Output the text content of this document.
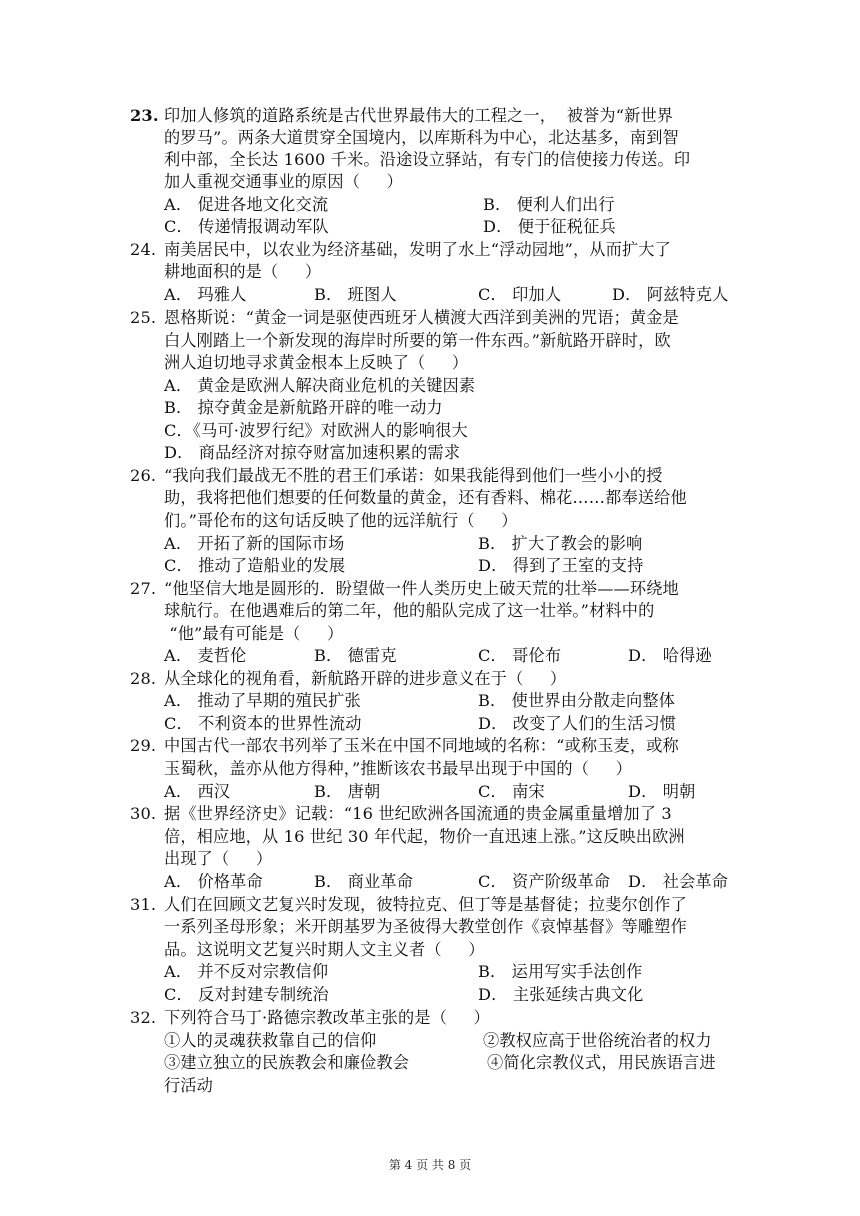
23. 印加人修筑的道路系统是古代世界最伟大的工程之一，  被誉为“新世界
的罗马”。两条大道贯穿全国境内，以库斯科为中心，北达基多，南到智
利中部，全长达 1600 千米。沿途设立驿站，有专门的信使接力传送。印
加人重视交通事业的原因（     ）
A． 促进各地文化交流	B． 便利人们出行
C． 传递情报调动军队	D． 便于征税征兵
24. 南美居民中，以农业为经济基础，发明了水上“浮动园地”，从而扩大了
耕地面积的是（     ）
A． 玛雅人	B． 班图人	C． 印加人	D． 阿兹特克人
25. 恩格斯说：“黄金一词是驱使西班牙人横渡大西洋到美洲的咒语；黄金是
白人刚踏上一个新发现的海岸时所要的第一件东西。”新航路开辟时，欧
洲人迫切地寻求黄金根本上反映了（     ）
A． 黄金是欧洲人解决商业危机的关键因素
B． 掠夺黄金是新航路开辟的唯一动力
C．《马可·波罗行纪》对欧洲人的影响很大
D． 商品经济对掠夺财富加速积累的需求
26. “我向我们最战无不胜的君王们承诺：如果我能得到他们一些小小的授
助，我将把他们想要的任何数量的黄金，还有香料、棉花……都奉送给他
们。”哥伦布的这句话反映了他的远洋航行（     ）
A． 开拓了新的国际市场	B． 扩大了教会的影响
C． 推动了造船业的发展	D． 得到了王室的支持
27. “他坚信大地是圆形的．盼望做一件人类历史上破天荒的壮举——环绕地
球航行。在他遇难后的第二年，他的船队完成了这一壮举。”材料中的
“他”最有可能是（     ）
A． 麦哲伦	B． 德雷克	C． 哥伦布	D． 哈得逊
28. 从全球化的视角看，新航路开辟的进步意义在于（     ）
A． 推动了早期的殖民扩张	B． 使世界由分散走向整体
C． 不利资本的世界性流动	D． 改变了人们的生活习惯
29. 中国古代一部农书列举了玉米在中国不同地域的名称：“或称玉麦，或称
玉蜀秋，盖亦从他方得种，”推断该农书最早出现于中国的（     ）
A． 西汉	B． 唐朝	C． 南宋	D． 明朝
30. 据《世界经济史》记载：“16 世纪欧洲各国流通的贵金属重量增加了 3
倍，相应地，从 16 世纪 30 年代起，物价一直迅速上涨。”这反映出欧洲
出现了（     ）
A． 价格革命	B． 商业革命	C． 资产阶级革命 D． 社会革命
31. 人们在回顾文艺复兴时发现，彼特拉克、但丁等是基督徒；拉斐尔创作了
一系列圣母形象；米开朗基罗为圣彼得大教堂创作《哀悼基督》等雕塑作
品。这说明文艺复兴时期人文主义者（     ）
A． 并不反对宗教信仰	B． 运用写实手法创作
C． 反对封建专制统治	D． 主张延续古典文化
32. 下列符合马丁·路德宗教改革主张的是（     ）
①人的灵魂获救靠自己的信仰	②教权应高于世俗统治者的权力
③建立独立的民族教会和廉俭教会	④简化宗教仪式，用民族语言进
行活动
第 4 页 共 8 页
